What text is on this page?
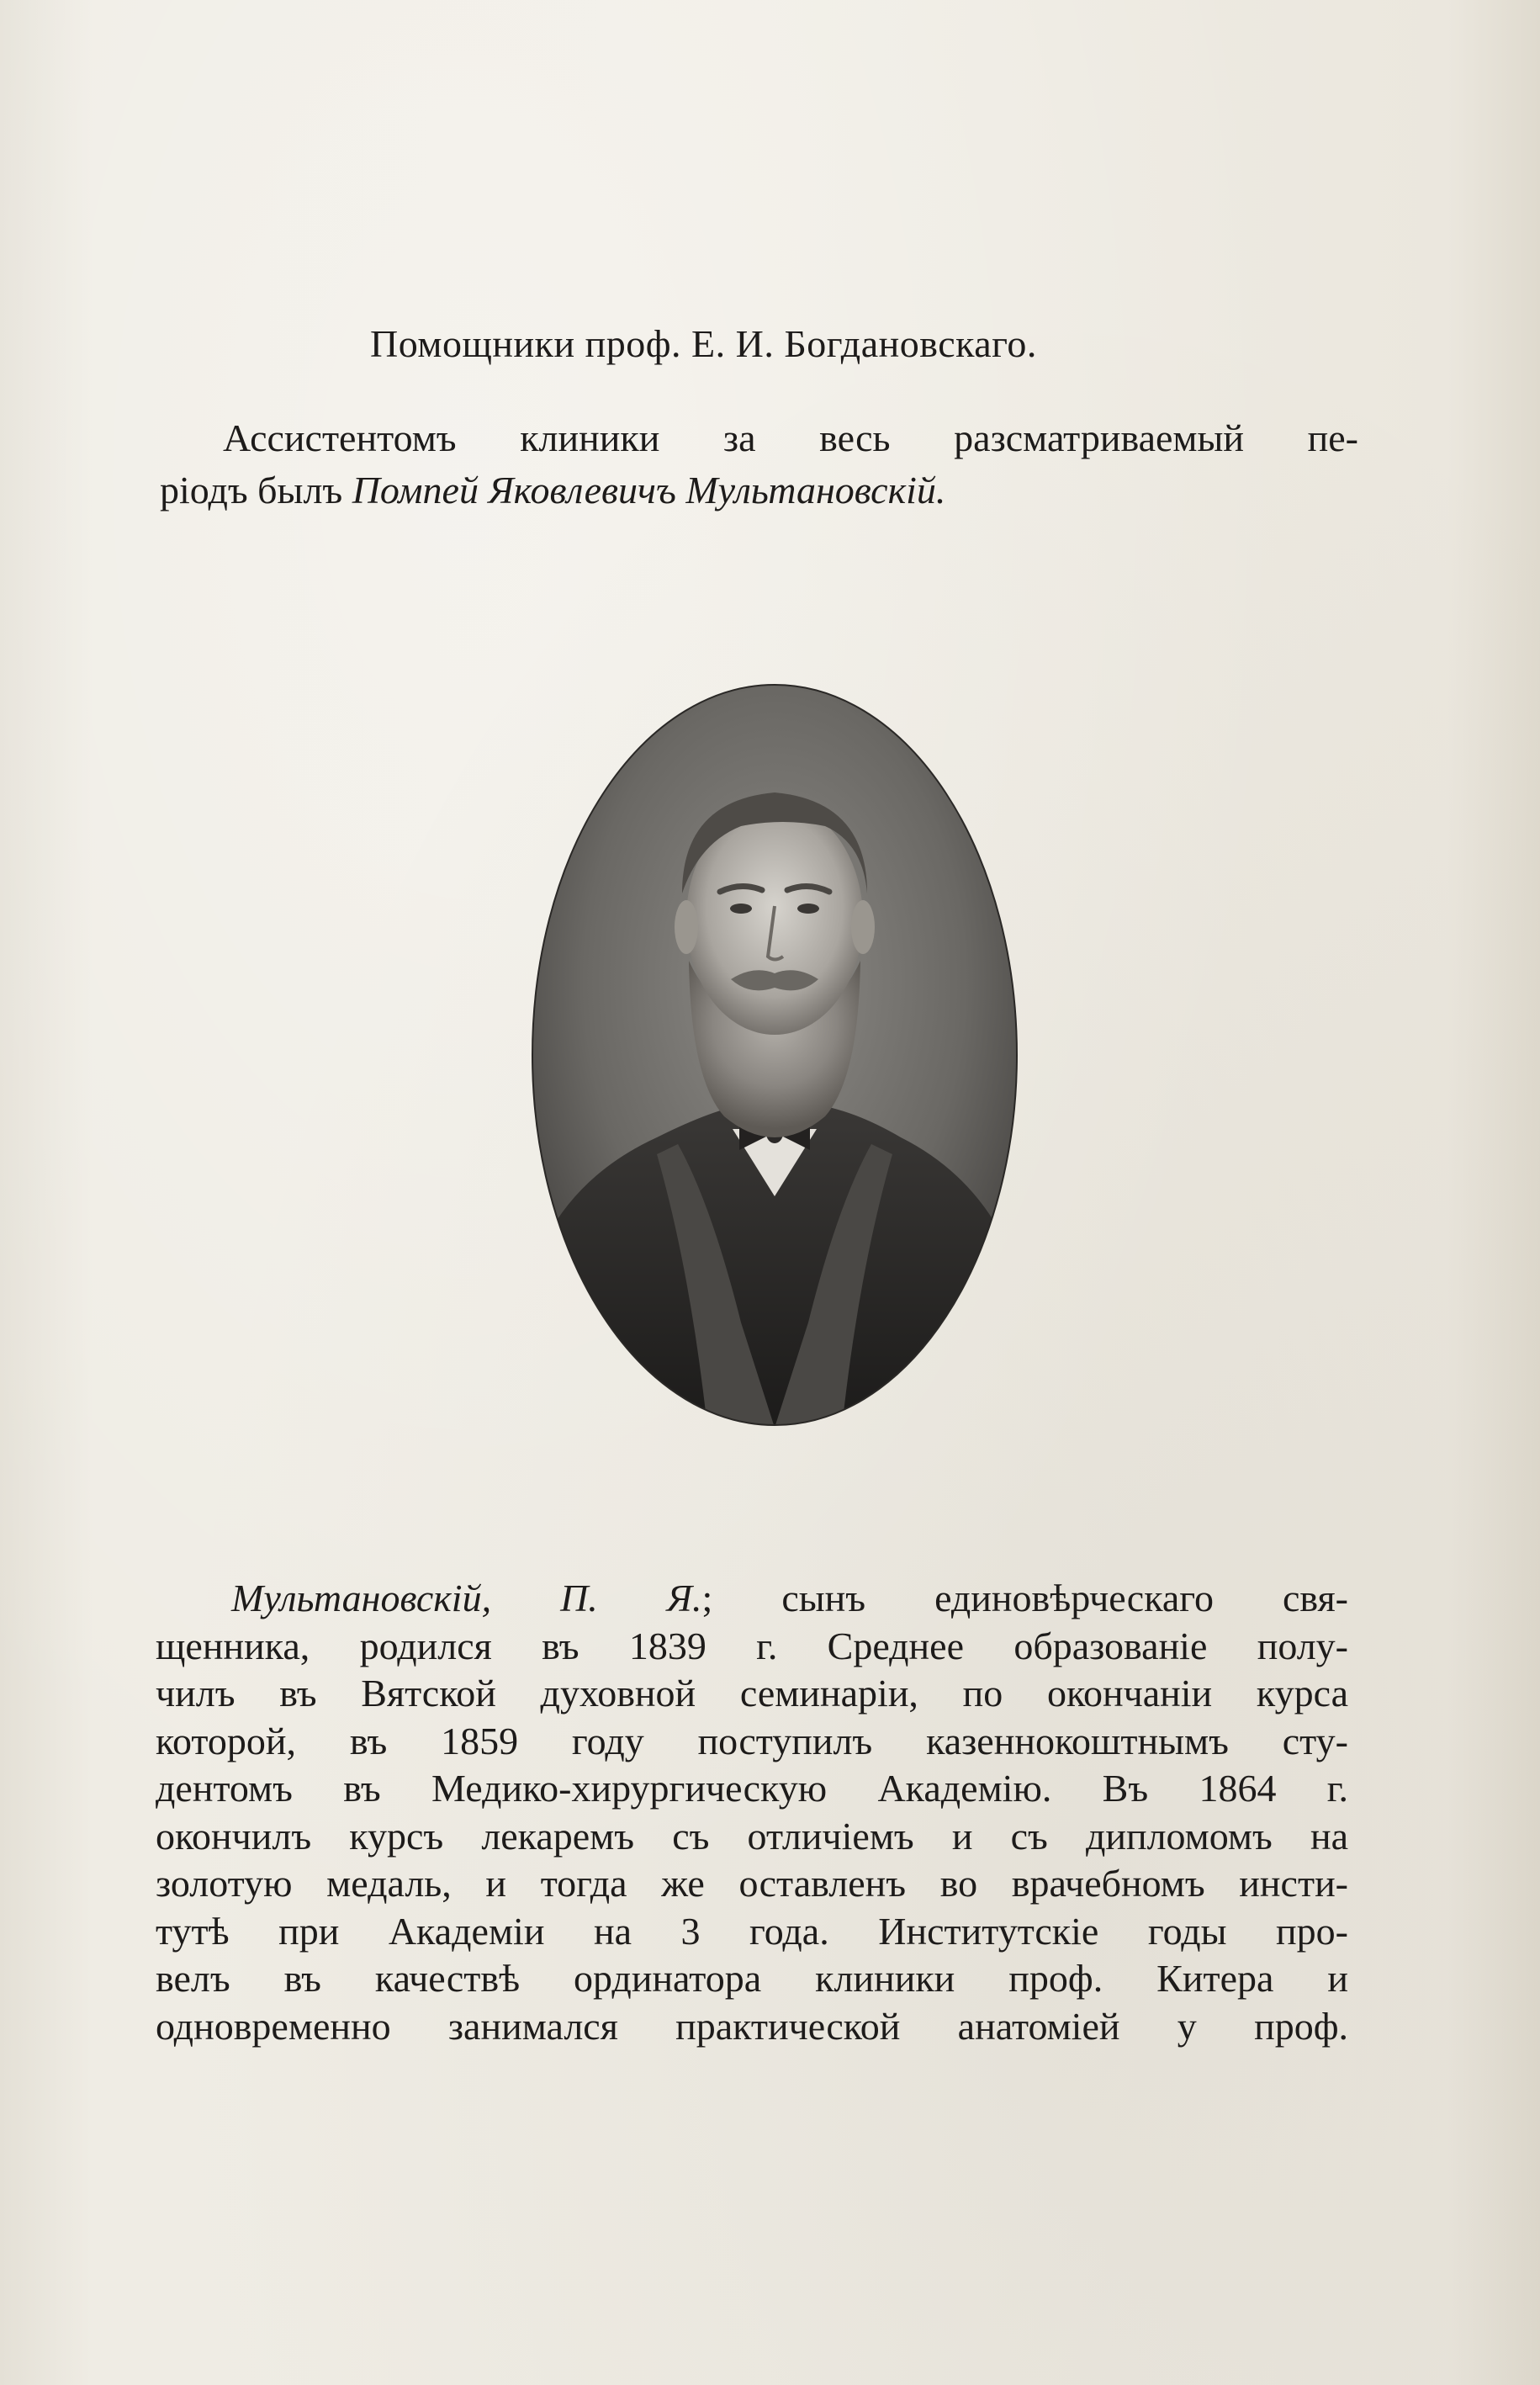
Помощники проф. Е. И. Богдановскаго.
Ассистентомъ клиники за весь разсматриваемый пе-
ріодъ былъ Помпей Яковлевичъ Мультановскій.
Мультановскій, П. Я.; сынъ единовѣрческаго свя-
щенника, родился въ 1839 г. Среднее образованіе полу-
чилъ въ Вятской духовной семинаріи, по окончаніи курса
которой, въ 1859 году поступилъ казеннокоштнымъ сту-
дентомъ въ Медико-хирургическую Академію. Въ 1864 г.
окончилъ курсъ лекаремъ съ отличіемъ и съ дипломомъ на
золотую медаль, и тогда же оставленъ во врачебномъ инсти-
тутѣ при Академіи на 3 года. Институтскіе годы про-
велъ въ качествѣ ординатора клиники проф. Китера и
одновременно занимался практической анатоміей у проф.
